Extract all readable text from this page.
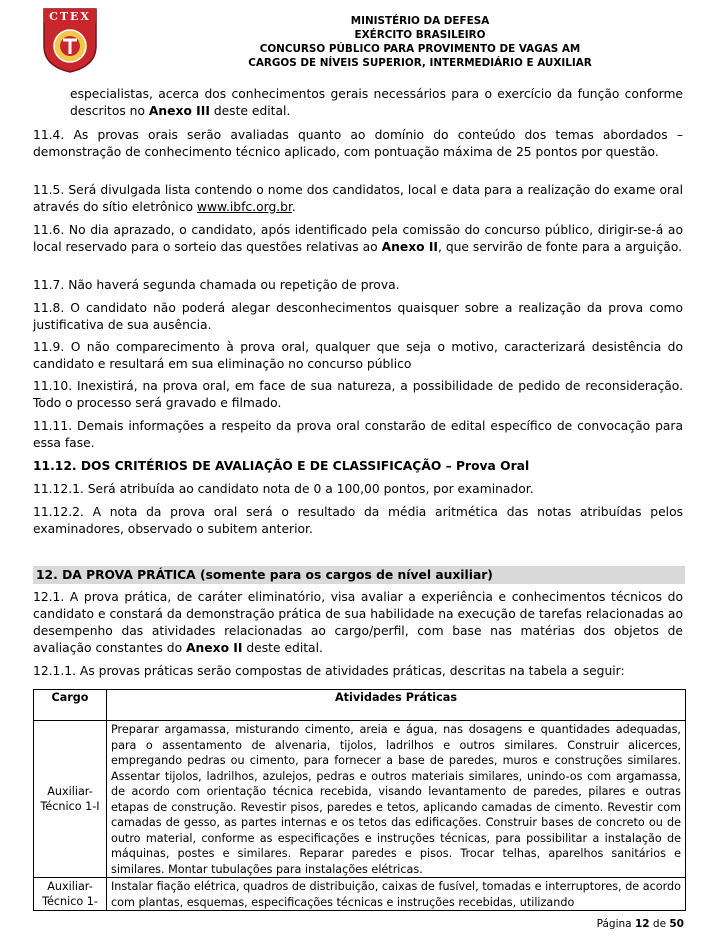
CTEX	MINISTÉRIO DA DEFESA
EXÉRCITO BRASILEIRO
CONCURSO PÚBLICO PARA PROVIMENTO DE VAGAS AM
CARGOS DE NÍVEIS SUPERIOR, INTERMEDIÁRIO E AUXILIAR

especialistas, acerca dos conhecimentos gerais necessários para o exercício da função conforme descritos no Anexo III deste edital.

11.4. As provas orais serão avaliadas quanto ao domínio do conteúdo dos temas abordados – demonstração de conhecimento técnico aplicado, com pontuação máxima de 25 pontos por questão.

11.5. Será divulgada lista contendo o nome dos candidatos, local e data para a realização do exame oral através do sítio eletrônico www.ibfc.org.br.

11.6. No dia aprazado, o candidato, após identificado pela comissão do concurso público, dirigir-se-á ao local reservado para o sorteio das questões relativas ao Anexo II, que servirão de fonte para a arguição.

11.7. Não haverá segunda chamada ou repetição de prova.

11.8. O candidato não poderá alegar desconhecimentos quaisquer sobre a realização da prova como justificativa de sua ausência.

11.9. O não comparecimento à prova oral, qualquer que seja o motivo, caracterizará desistência do candidato e resultará em sua eliminação no concurso público

11.10. Inexistirá, na prova oral, em face de sua natureza, a possibilidade de pedido de reconsideração. Todo o processo será gravado e filmado.

11.11. Demais informações a respeito da prova oral constarão de edital específico de convocação para essa fase.

11.12. DOS CRITÉRIOS DE AVALIAÇÃO E DE CLASSIFICAÇÃO – Prova Oral

11.12.1. Será atribuída ao candidato nota de 0 a 100,00 pontos, por examinador.

11.12.2. A nota da prova oral será o resultado da média aritmética das notas atribuídas pelos examinadores, observado o subitem anterior.

12. DA PROVA PRÁTICA (somente para os cargos de nível auxiliar)

12.1. A prova prática, de caráter eliminatório, visa avaliar a experiência e conhecimentos técnicos do candidato e constará da demonstração prática de sua habilidade na execução de tarefas relacionadas ao desempenho das atividades relacionadas ao cargo/perfil, com base nas matérias dos objetos de avaliação constantes do Anexo II deste edital.

12.1.1. As provas práticas serão compostas de atividades práticas, descritas na tabela a seguir:

Cargo	Atividades Práticas
Auxiliar-Técnico 1-I	Preparar argamassa, misturando cimento, areia e água, nas dosagens e quantidades adequadas, para o assentamento de alvenaria, tijolos, ladrilhos e outros similares. Construir alicerces, empregando pedras ou cimento, para fornecer a base de paredes, muros e construções similares. Assentar tijolos, ladrilhos, azulejos, pedras e outros materiais similares, unindo-os com argamassa, de acordo com orientação técnica recebida, visando levantamento de paredes, pilares e outras etapas de construção. Revestir pisos, paredes e tetos, aplicando camadas de cimento. Revestir com camadas de gesso, as partes internas e os tetos das edificações. Construir bases de concreto ou de outro material, conforme as especificações e instruções técnicas, para possibilitar a instalação de máquinas, postes e similares. Reparar paredes e pisos. Trocar telhas, aparelhos sanitários e similares. Montar tubulações para instalações elétricas.
Auxiliar-Técnico 1-	Instalar fiação elétrica, quadros de distribuição, caixas de fusível, tomadas e interruptores, de acordo com plantas, esquemas, especificações técnicas e instruções recebidas, utilizando
Página 12 de 50
